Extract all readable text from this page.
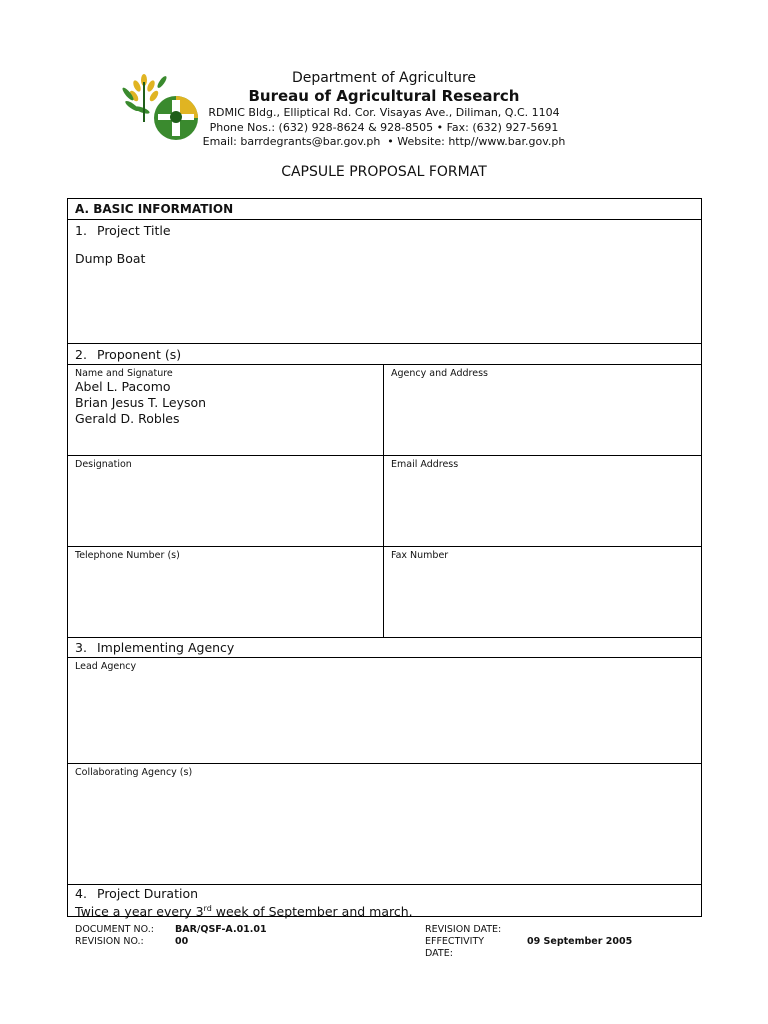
Department of Agriculture
Bureau of Agricultural Research
RDMIC Bldg., Elliptical Rd. Cor. Visayas Ave., Diliman, Q.C. 1104
Phone Nos.: (632) 928-8624 & 928-8505 • Fax: (632) 927-5691
Email: barrdegrants@bar.gov.ph  • Website: http//www.bar.gov.ph
CAPSULE PROPOSAL FORMAT
A. BASIC INFORMATION
1. Project Title
Dump Boat
2. Proponent (s)
Name and Signature
Abel L. Pacomo
Brian Jesus T. Leyson
Gerald D. Robles
Agency and Address
Designation	Email Address
Telephone Number (s)	Fax Number
3. Implementing Agency
Lead Agency
Collaborating Agency (s)
4. Project Duration
Twice a year every 3rd week of September and march.
DOCUMENT NO.: BAR/QSF-A.01.01
REVISION NO.:	00
REVISION DATE:
EFFECTIVITY	09 September 2005
DATE:
